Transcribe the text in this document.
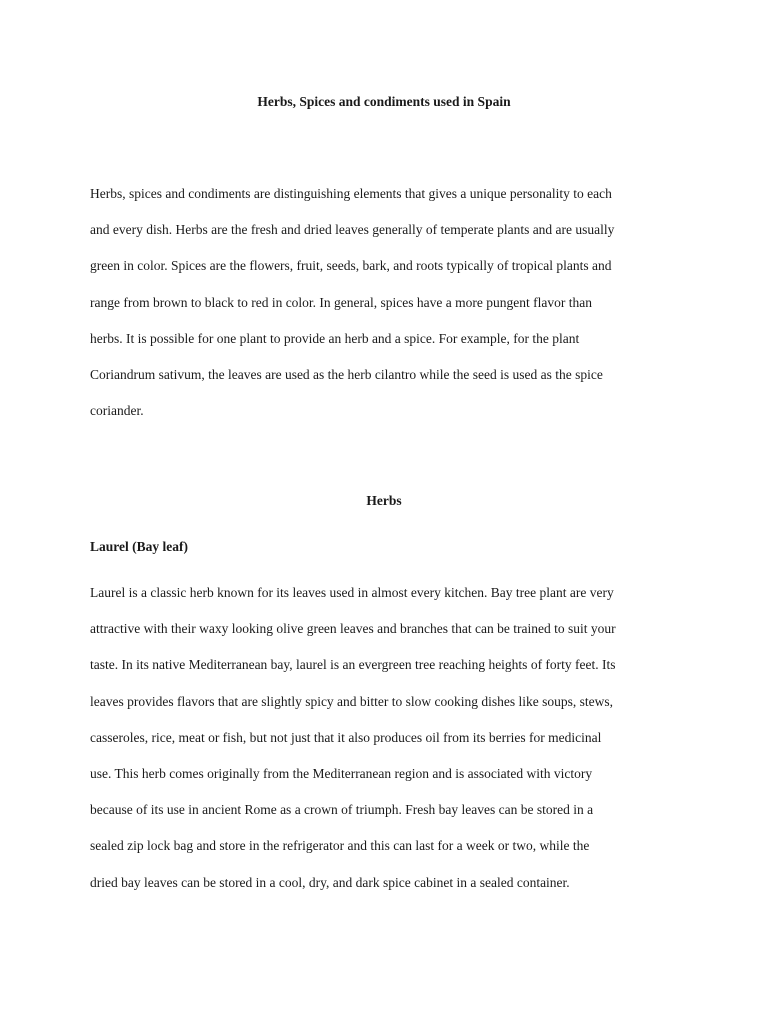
Herbs, Spices and condiments used in Spain

Herbs, spices and condiments are distinguishing elements that gives a unique personality to each
and every dish. Herbs are the fresh and dried leaves generally of temperate plants and are usually
green in color. Spices are the flowers, fruit, seeds, bark, and roots typically of tropical plants and
range from brown to black to red in color. In general, spices have a more pungent flavor than
herbs. It is possible for one plant to provide an herb and a spice. For example, for the plant
Coriandrum sativum, the leaves are used as the herb cilantro while the seed is used as the spice
coriander.

Herbs
Laurel (Bay leaf)

Laurel is a classic herb known for its leaves used in almost every kitchen. Bay tree plant are very
attractive with their waxy looking olive green leaves and branches that can be trained to suit your
taste. In its native Mediterranean bay, laurel is an evergreen tree reaching heights of forty feet. Its
leaves provides flavors that are slightly spicy and bitter to slow cooking dishes like soups, stews,
casseroles, rice, meat or fish, but not just that it also produces oil from its berries for medicinal
use. This herb comes originally from the Mediterranean region and is associated with victory
because of its use in ancient Rome as a crown of triumph. Fresh bay leaves can be stored in a
sealed zip lock bag and store in the refrigerator and this can last for a week or two, while the
dried bay leaves can be stored in a cool, dry, and dark spice cabinet in a sealed container.
